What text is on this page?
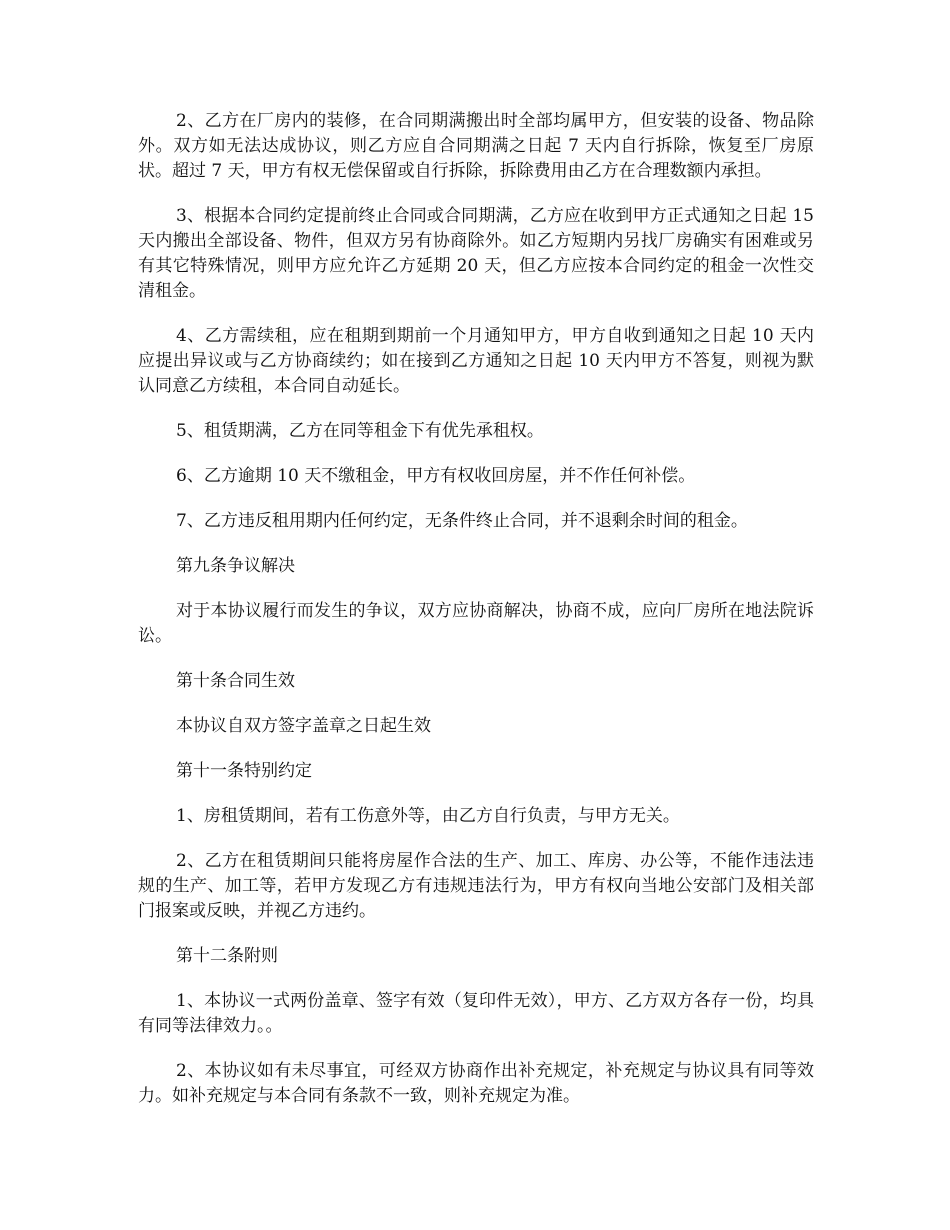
2、乙方在厂房内的装修，在合同期满搬出时全部均属甲方，但安装的设备、物品除外。双方如无法达成协议，则乙方应自合同期满之日起 7 天内自行拆除，恢复至厂房原状。超过 7 天，甲方有权无偿保留或自行拆除，拆除费用由乙方在合理数额内承担。

3、根据本合同约定提前终止合同或合同期满，乙方应在收到甲方正式通知之日起 15 天内搬出全部设备、物件，但双方另有协商除外。如乙方短期内另找厂房确实有困难或另有其它特殊情况，则甲方应允许乙方延期 20 天，但乙方应按本合同约定的租金一次性交清租金。

4、乙方需续租，应在租期到期前一个月通知甲方，甲方自收到通知之日起 10 天内应提出异议或与乙方协商续约；如在接到乙方通知之日起 10 天内甲方不答复，则视为默认同意乙方续租，本合同自动延长。

5、租赁期满，乙方在同等租金下有优先承租权。

6、乙方逾期 10 天不缴租金，甲方有权收回房屋，并不作任何补偿。

7、乙方违反租用期内任何约定，无条件终止合同，并不退剩余时间的租金。

第九条争议解决

对于本协议履行而发生的争议，双方应协商解决，协商不成，应向厂房所在地法院诉讼。

第十条合同生效

本协议自双方签字盖章之日起生效

第十一条特别约定

1、房租赁期间，若有工伤意外等，由乙方自行负责，与甲方无关。

2、乙方在租赁期间只能将房屋作合法的生产、加工、库房、办公等，不能作违法违规的生产、加工等，若甲方发现乙方有违规违法行为，甲方有权向当地公安部门及相关部门报案或反映，并视乙方违约。

第十二条附则

1、本协议一式两份盖章、签字有效（复印件无效），甲方、乙方双方各存一份，均具有同等法律效力。。

2、本协议如有未尽事宜，可经双方协商作出补充规定，补充规定与协议具有同等效力。如补充规定与本合同有条款不一致，则补充规定为准。
